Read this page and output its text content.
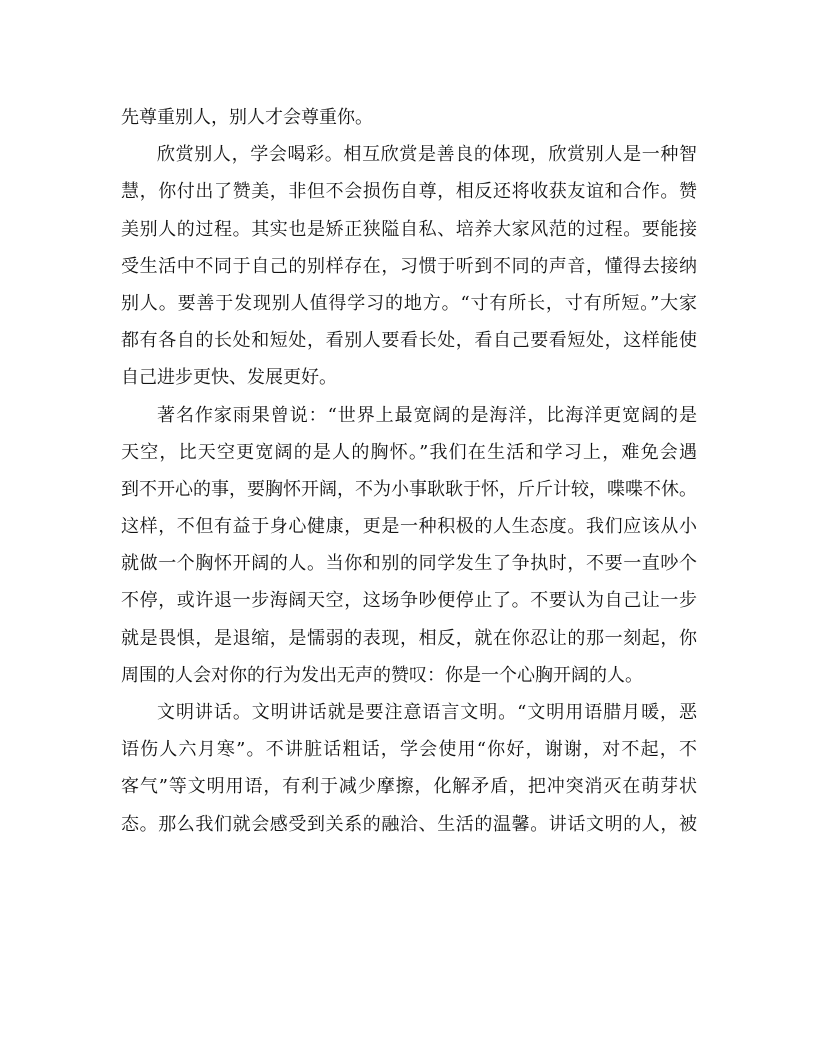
先尊重别人，别人才会尊重你。
欣赏别人，学会喝彩。相互欣赏是善良的体现，欣赏别人是一种智
慧，你付出了赞美，非但不会损伤自尊，相反还将收获友谊和合作。赞
美别人的过程。其实也是矫正狭隘自私、培养大家风范的过程。要能接
受生活中不同于自己的别样存在，习惯于听到不同的声音，懂得去接纳
别人。要善于发现别人值得学习的地方。“寸有所长，寸有所短。”大家
都有各自的长处和短处，看别人要看长处，看自己要看短处，这样能使
自己进步更快、发展更好。
著名作家雨果曾说：“世界上最宽阔的是海洋，比海洋更宽阔的是
天空，比天空更宽阔的是人的胸怀。”我们在生活和学习上，难免会遇
到不开心的事，要胸怀开阔，不为小事耿耿于怀，斤斤计较，喋喋不休。
这样，不但有益于身心健康，更是一种积极的人生态度。我们应该从小
就做一个胸怀开阔的人。当你和别的同学发生了争执时，不要一直吵个
不停，或许退一步海阔天空，这场争吵便停止了。不要认为自己让一步
就是畏惧，是退缩，是懦弱的表现，相反，就在你忍让的那一刻起，你
周围的人会对你的行为发出无声的赞叹：你是一个心胸开阔的人。
文明讲话。文明讲话就是要注意语言文明。“文明用语腊月暖，恶
语伤人六月寒”。不讲脏话粗话，学会使用“你好，谢谢，对不起，不
客气”等文明用语，有利于减少摩擦，化解矛盾，把冲突消灭在萌芽状
态。那么我们就会感受到关系的融洽、生活的温馨。讲话文明的人，被
